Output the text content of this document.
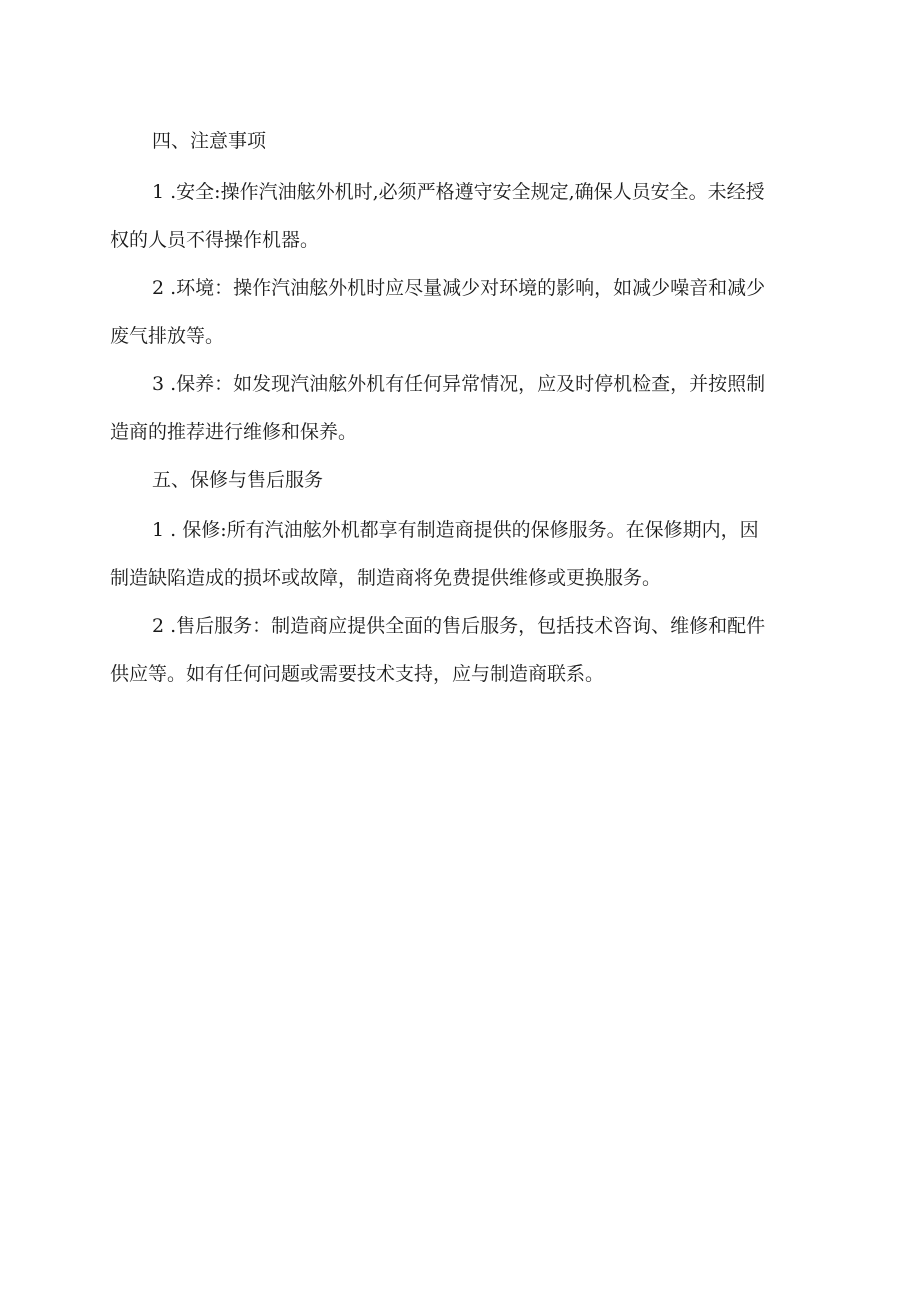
四、注意事项
1 .安全:操作汽油舷外机时,必须严格遵守安全规定,确保人员安全。未经授
权的人员不得操作机器。
2 .环境：操作汽油舷外机时应尽量减少对环境的影响，如减少噪音和减少
废气排放等。
3 .保养：如发现汽油舷外机有任何异常情况，应及时停机检查，并按照制
造商的推荐进行维修和保养。
五、保修与售后服务
1 . 保修:所有汽油舷外机都享有制造商提供的保修服务。在保修期内，因
制造缺陷造成的损坏或故障，制造商将免费提供维修或更换服务。
2 .售后服务：制造商应提供全面的售后服务，包括技术咨询、维修和配件
供应等。如有任何问题或需要技术支持，应与制造商联系。
